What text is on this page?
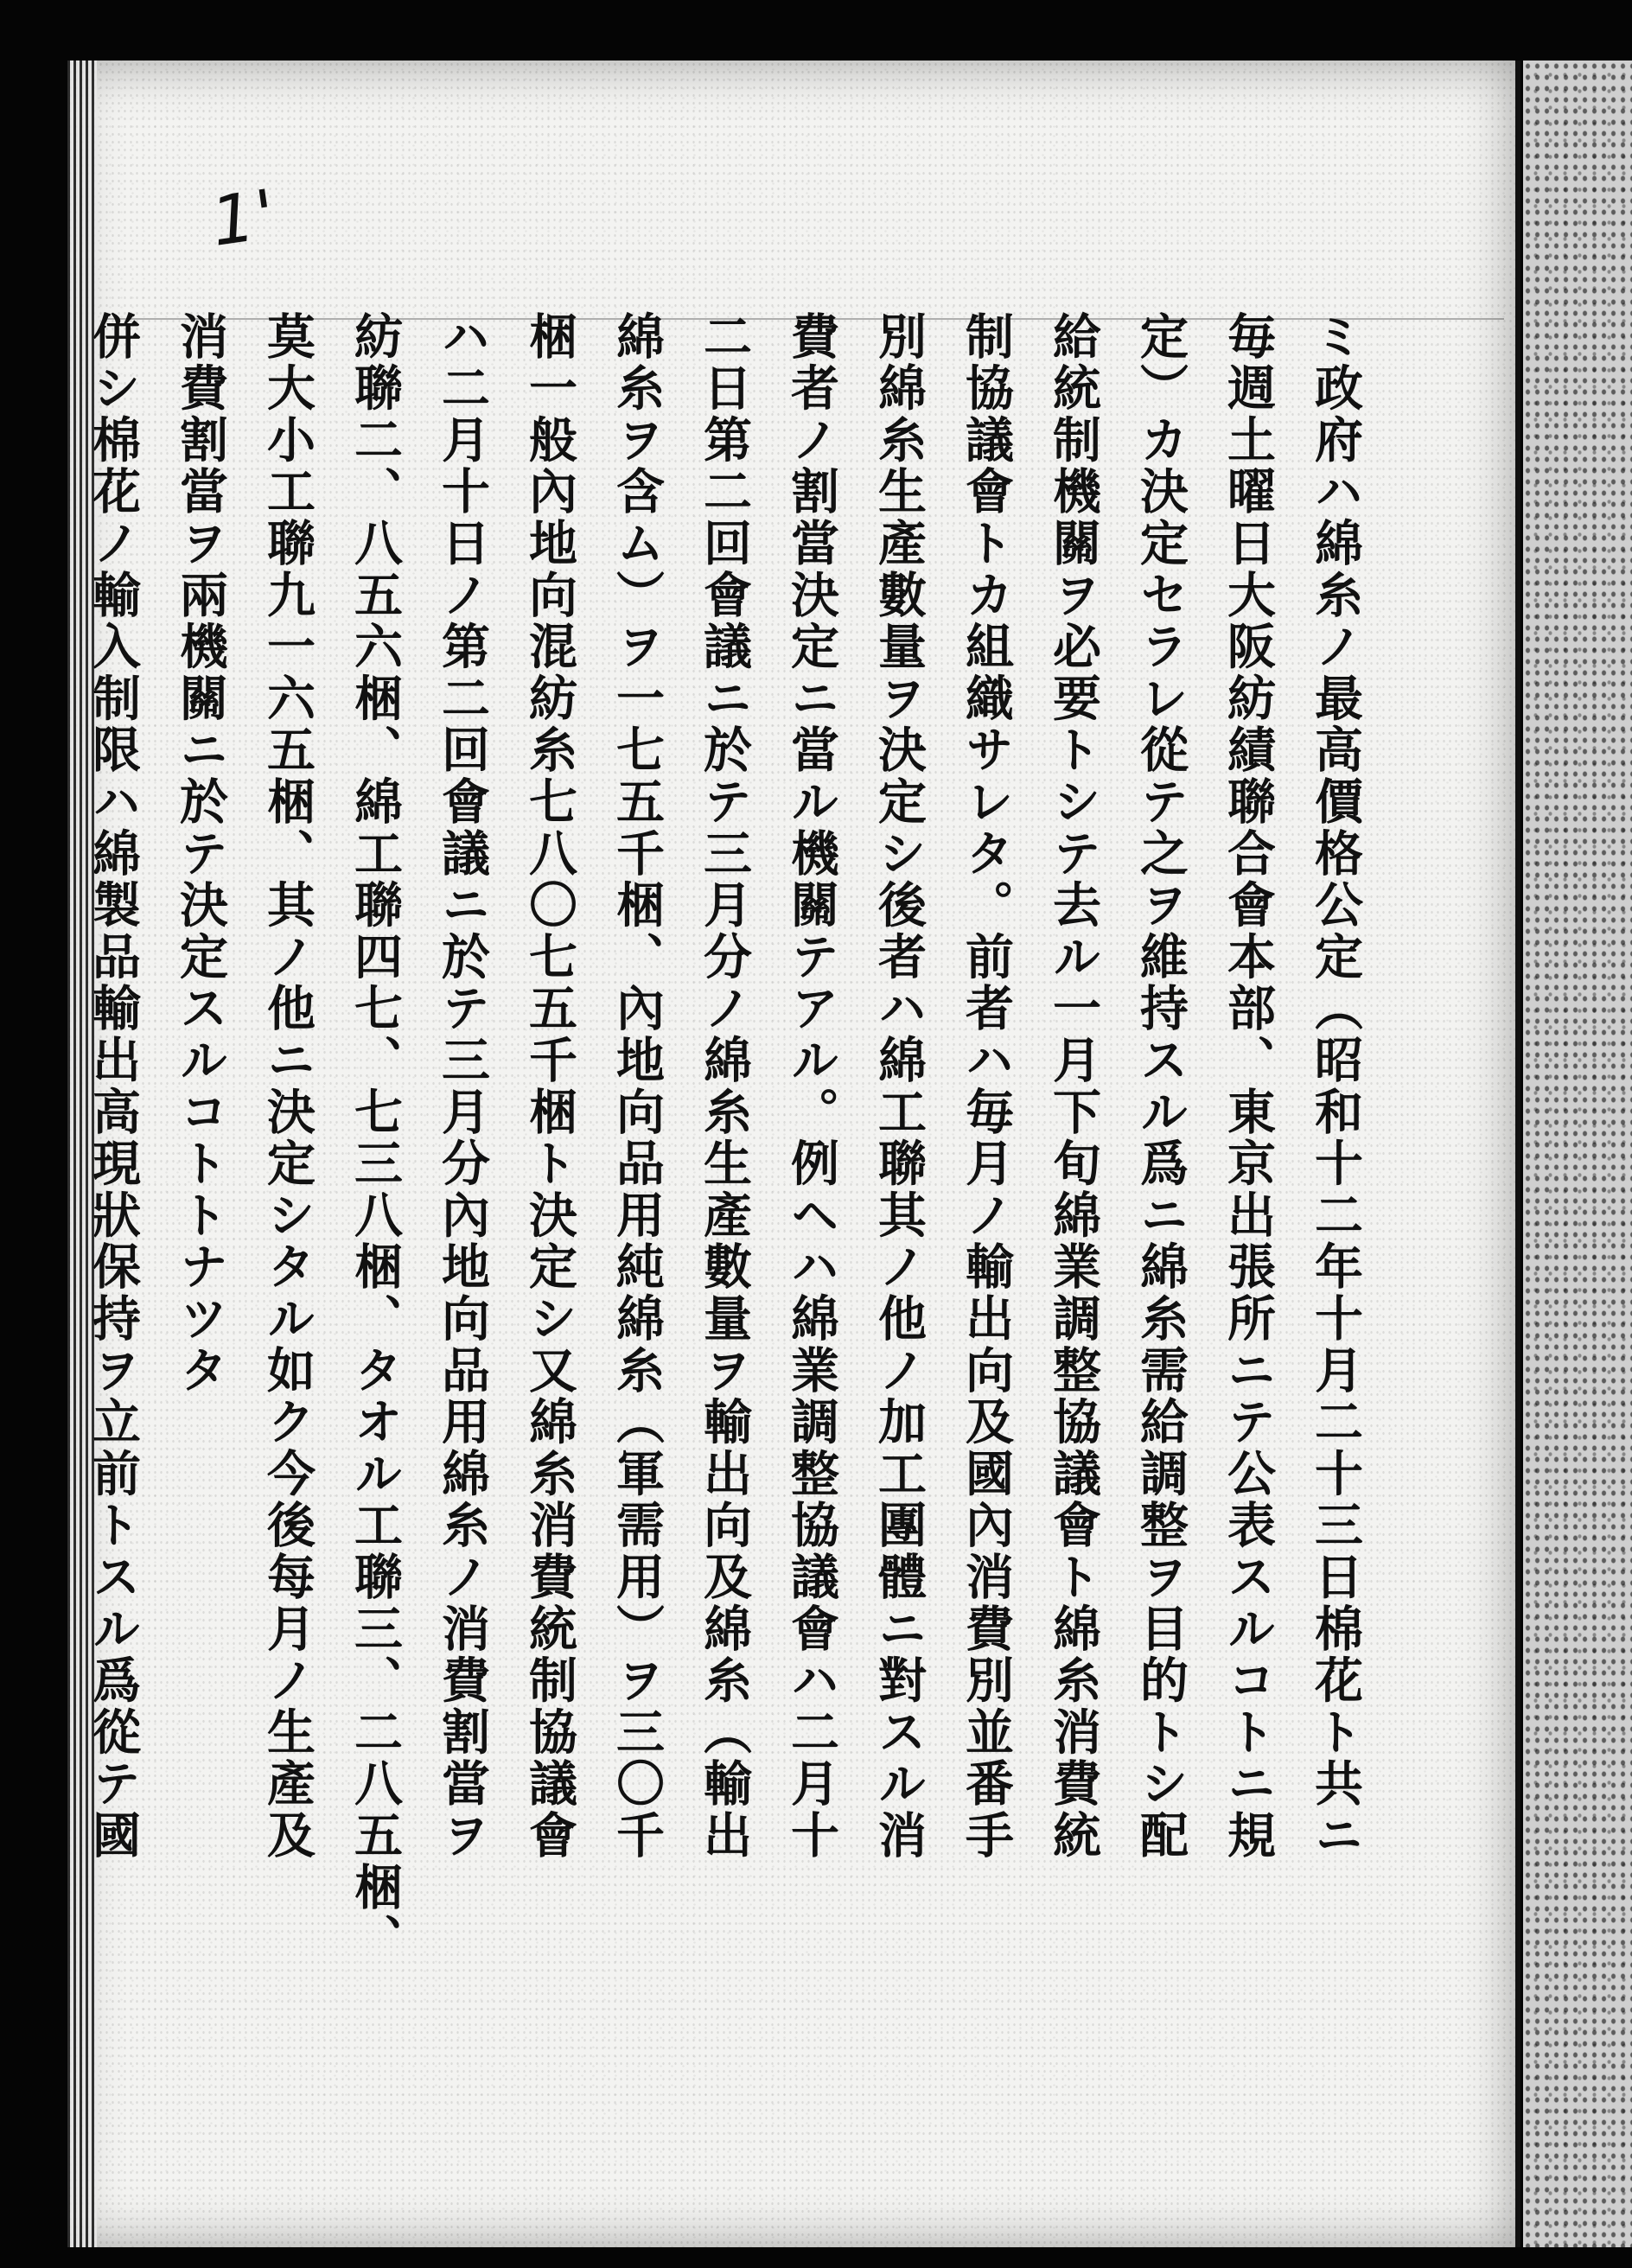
1'
ミ政府ハ綿糸ノ最高價格公定（昭和十二年十月二十三日棉花ト共ニ
毎週土曜日大阪紡績聯合會本部、東京出張所ニテ公表スルコトニ規
定）カ決定セラレ從テ之ヲ維持スル爲ニ綿糸需給調整ヲ目的トシ配
給統制機關ヲ必要トシテ去ル一月下旬綿業調整協議會ト綿糸消費統
制協議會トカ組織サレタ。前者ハ毎月ノ輸出向及國內消費別並番手
別綿糸生產數量ヲ決定シ後者ハ綿工聯其ノ他ノ加工團體ニ對スル消
費者ノ割當決定ニ當ル機關テアル。例ヘハ綿業調整協議會ハ二月十
二日第二回會議ニ於テ三月分ノ綿糸生產數量ヲ輸出向及綿糸（輸出
綿糸ヲ含ム）ヲ一七五千梱、內地向品用純綿糸（軍需用）ヲ三〇千
梱一般內地向混紡糸七八〇七五千梱ト決定シ又綿糸消費統制協議會
ハ二月十日ノ第二回會議ニ於テ三月分內地向品用綿糸ノ消費割當ヲ
紡聯二、八五六梱、綿工聯四七、七三八梱、タオル工聯三、二八五梱、
莫大小工聯九一六五梱、其ノ他ニ決定シタル如ク今後每月ノ生產及
消費割當ヲ兩機關ニ於テ決定スルコトトナツタ
併シ棉花ノ輸入制限ハ綿製品輸出高現狀保持ヲ立前トスル爲從テ國
